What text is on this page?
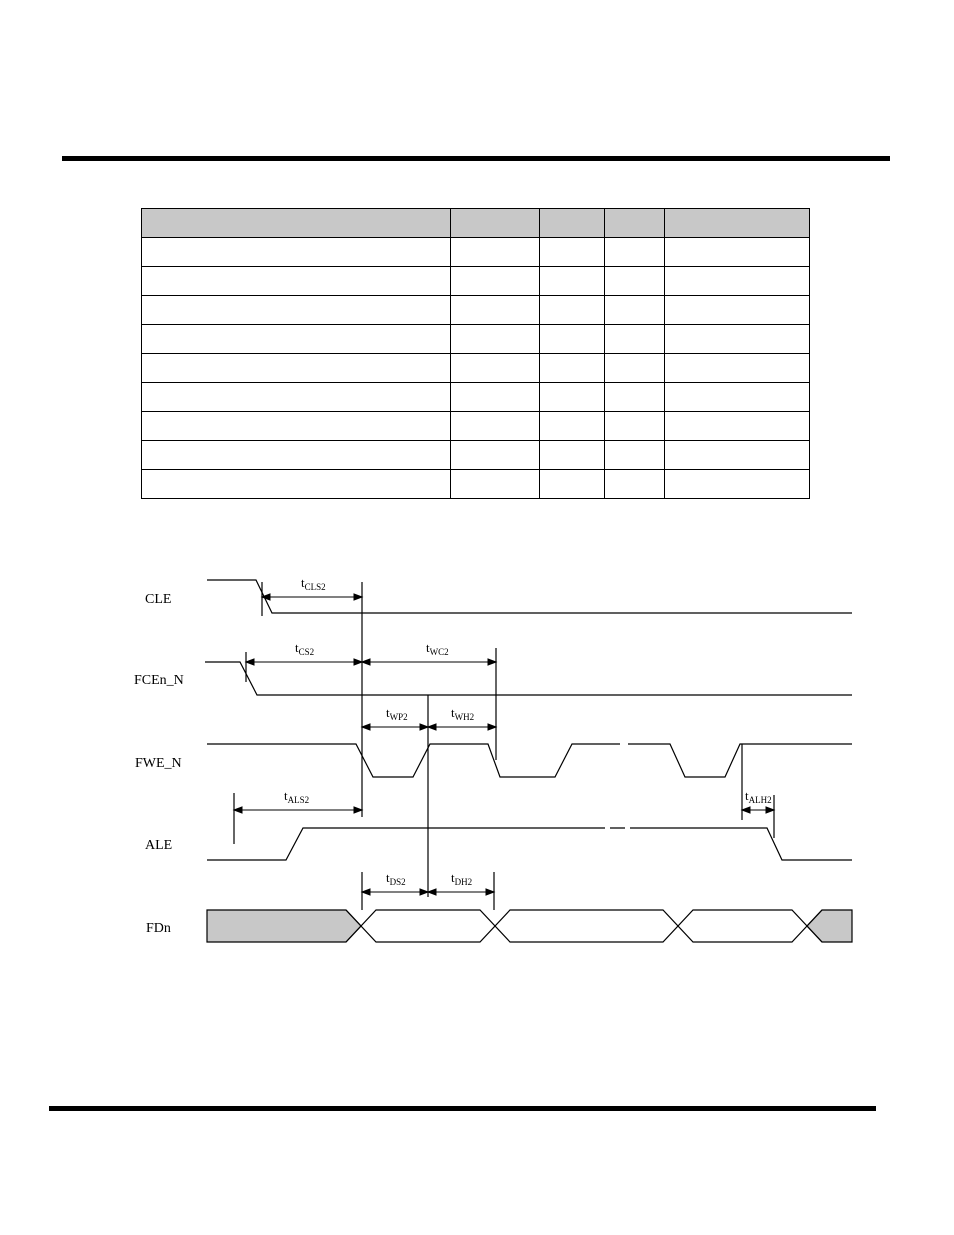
CLE
FCEn_N
FWE_N
ALE
FDn
tCLS2
tCS2	tWC2
tWP2	tWH2
tALS2	tALH2
tDS2	tDH2
